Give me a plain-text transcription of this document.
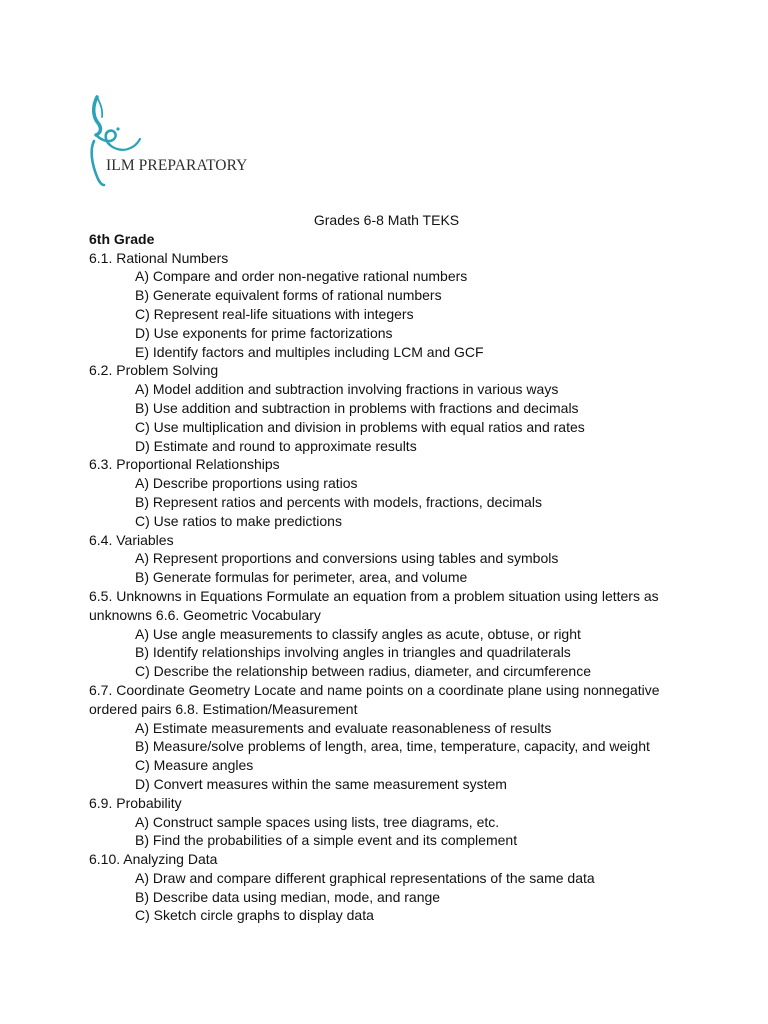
ILM PREPARATORY
Grades 6-8 Math TEKS
6th Grade
6.1. Rational Numbers
A) Compare and order non-negative rational numbers
B) Generate equivalent forms of rational numbers
C) Represent real-life situations with integers
D) Use exponents for prime factorizations
E) Identify factors and multiples including LCM and GCF
6.2. Problem Solving
A) Model addition and subtraction involving fractions in various ways
B) Use addition and subtraction in problems with fractions and decimals
C) Use multiplication and division in problems with equal ratios and rates
D) Estimate and round to approximate results
6.3. Proportional Relationships
A) Describe proportions using ratios
B) Represent ratios and percents with models, fractions, decimals
C) Use ratios to make predictions
6.4. Variables
A) Represent proportions and conversions using tables and symbols
B) Generate formulas for perimeter, area, and volume
6.5. Unknowns in Equations Formulate an equation from a problem situation using letters as unknowns 6.6. Geometric Vocabulary
A) Use angle measurements to classify angles as acute, obtuse, or right
B) Identify relationships involving angles in triangles and quadrilaterals
C) Describe the relationship between radius, diameter, and circumference
6.7. Coordinate Geometry Locate and name points on a coordinate plane using nonnegative ordered pairs 6.8. Estimation/Measurement
A) Estimate measurements and evaluate reasonableness of results
B) Measure/solve problems of length, area, time, temperature, capacity, and weight
C) Measure angles
D) Convert measures within the same measurement system
6.9. Probability
A) Construct sample spaces using lists, tree diagrams, etc.
B) Find the probabilities of a simple event and its complement
6.10. Analyzing Data
A) Draw and compare different graphical representations of the same data
B) Describe data using median, mode, and range
C) Sketch circle graphs to display data
